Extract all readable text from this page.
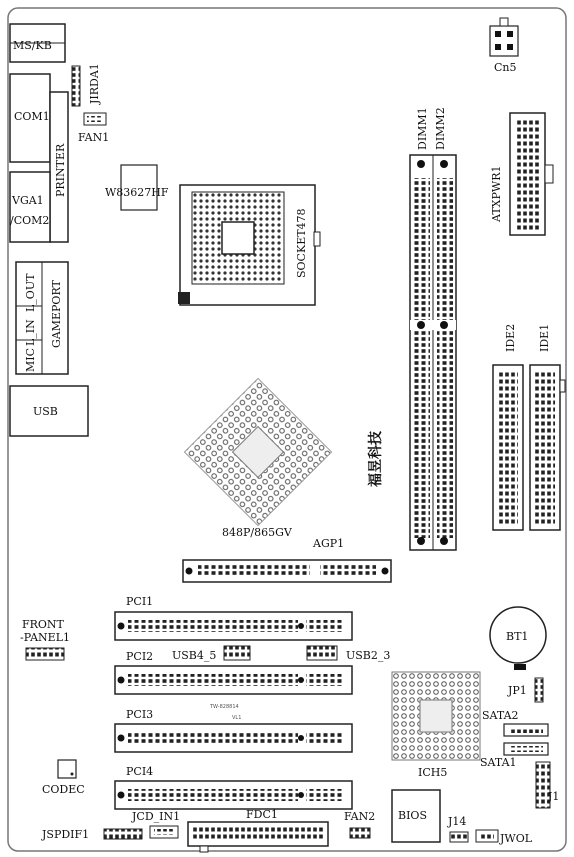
MS/KB
COM1
PRINTER
VGA1
/COM2
L_OUT
L_IN
MIC
GAMEPORT
USB
JIRDA1
FAN1
W83627HF
SOCKET478
DIMM1 DIMM2
Cn5
ATXPWR1
IDE2 IDE1
848P/865GV
福昱科技
AGP1
FRONT
-PANEL1
PCI1
PCI2
TW-828814
VL1
PCI3
PCI4
USB4_5	USB2_3
BT1
JP1
ICH5
SATA2
SATA1
J1
CODEC
JCD_IN1
JSPDIF1
FDC1	FAN2 BIOS J14
JWOL
